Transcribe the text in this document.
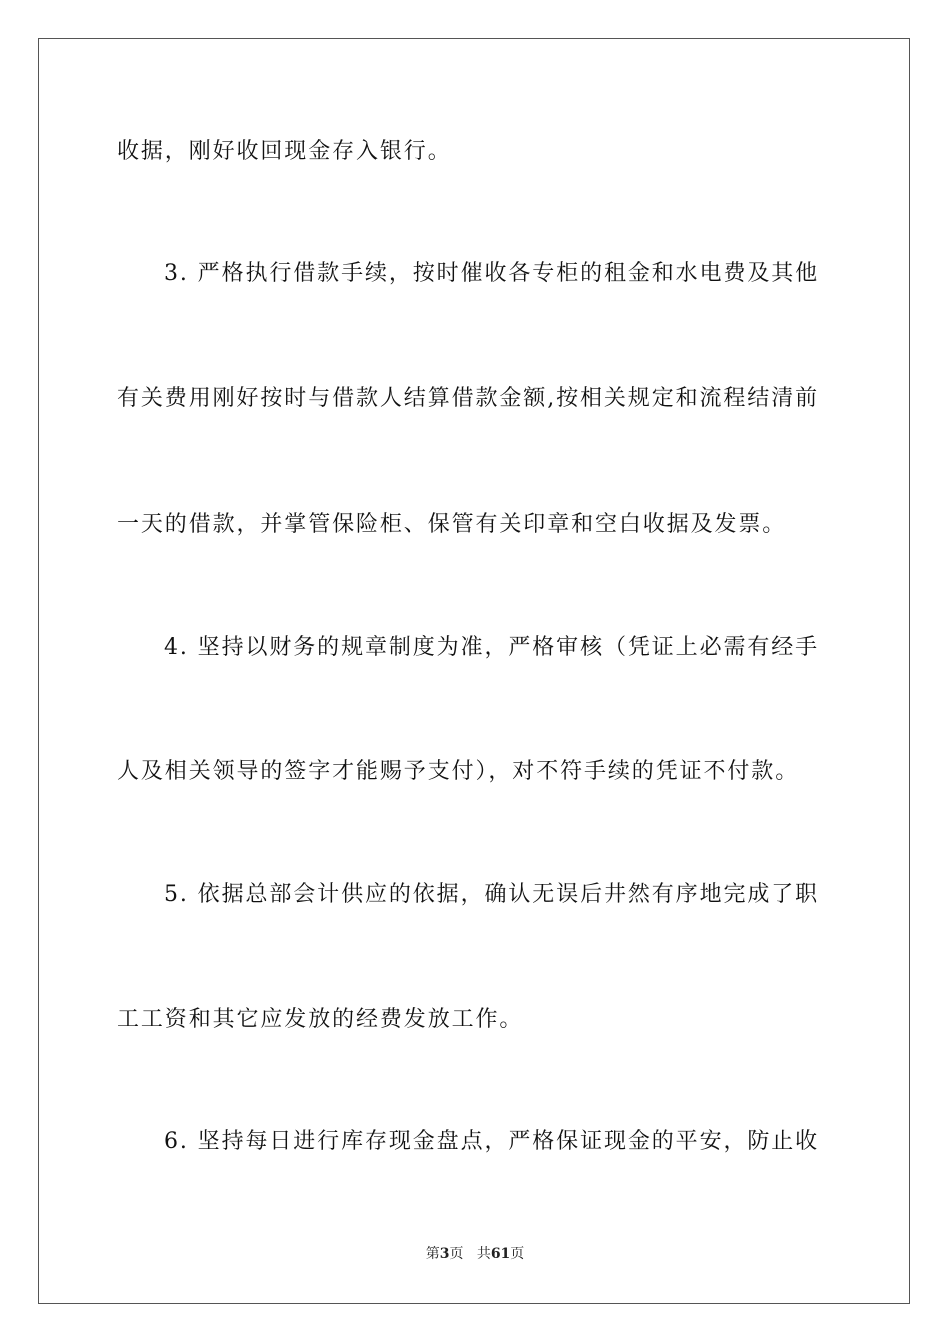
收据，刚好收回现金存入银行。
3. 严格执行借款手续，按时催收各专柜的租金和水电费及其他
有关费用刚好按时与借款人结算借款金额,按相关规定和流程结清前
一天的借款，并掌管保险柜、保管有关印章和空白收据及发票。
4. 坚持以财务的规章制度为准，严格审核（凭证上必需有经手
人及相关领导的签字才能赐予支付），对不符手续的凭证不付款。
5. 依据总部会计供应的依据，确认无误后井然有序地完成了职
工工资和其它应发放的经费发放工作。
6. 坚持每日进行库存现金盘点，严格保证现金的平安，防止收
第3页 共61页
